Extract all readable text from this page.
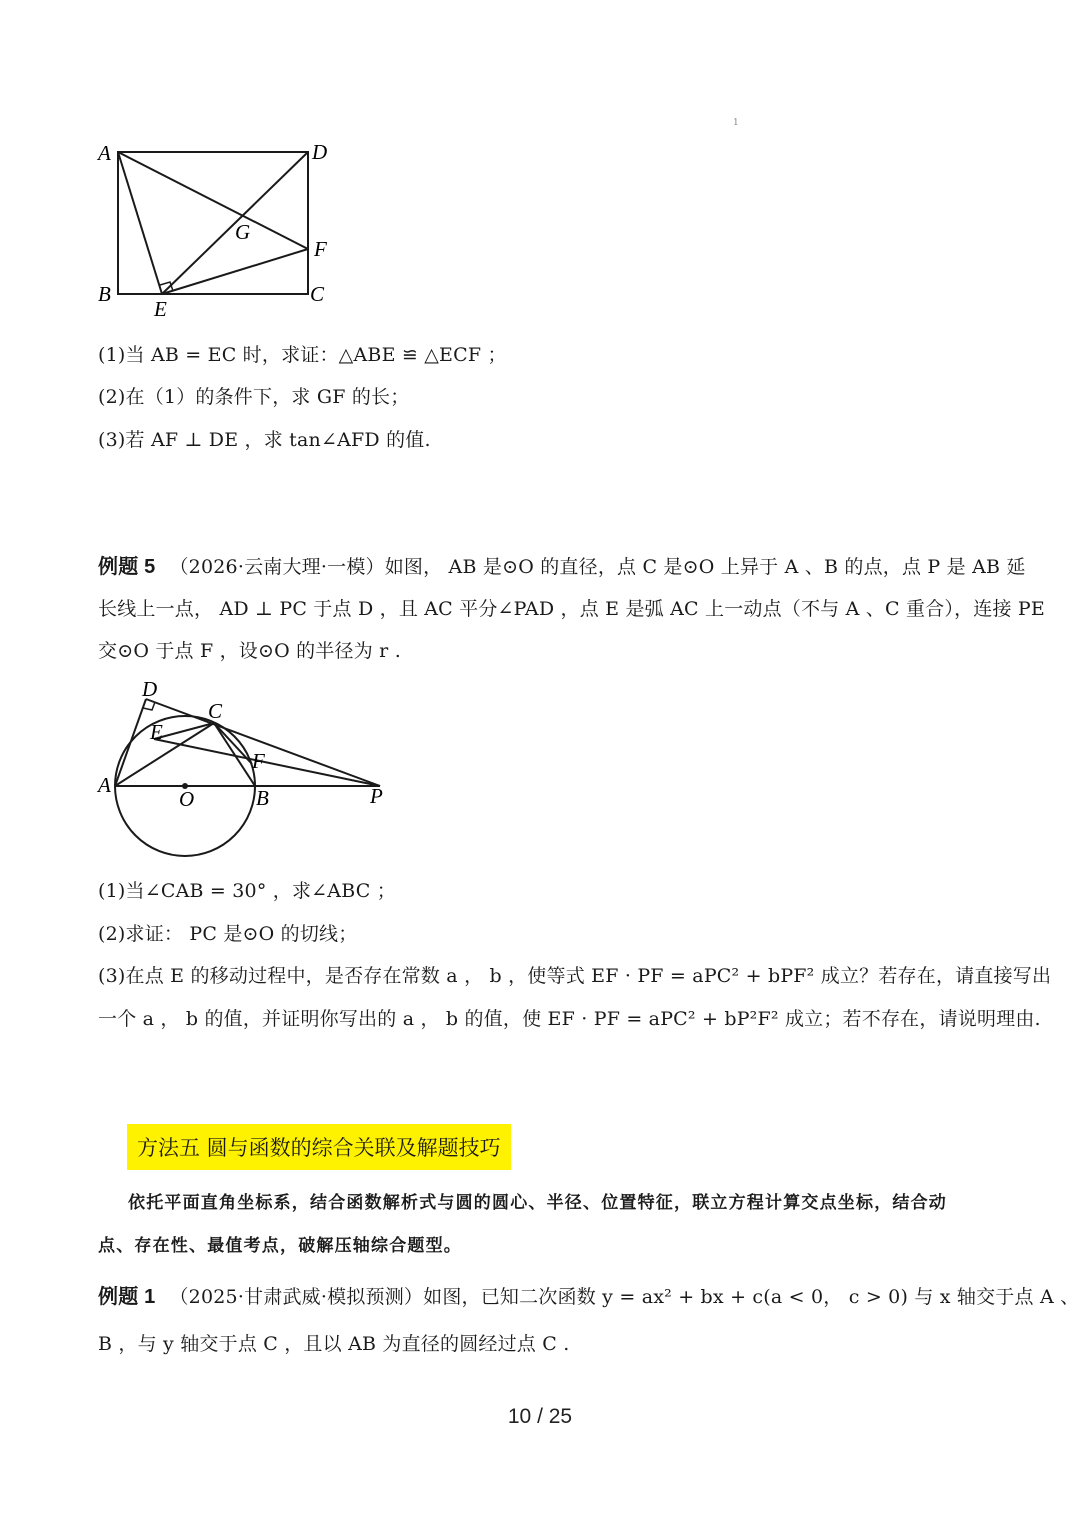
1
A	D
G
F
B
E
C
(1)当 AB = EC 时，求证：△ABE ≌ △ECF ；
(2)在（1）的条件下，求 GF 的长；
(3)若 AF ⊥ DE ，求 tan∠AFD 的值.
例题 5 （2026·云南大理·一模）如图， AB 是⊙O 的直径，点 C 是⊙O 上异于 A 、B 的点，点 P 是 AB 延
长线上一点， AD ⊥ PC 于点 D ，且 AC 平分∠PAD ，点 E 是弧 AC 上一动点（不与 A 、C 重合），连接 PE
交⊙O 于点 F ，设⊙O 的半径为 r .
D
C
E
F
A
O	B	P
(1)当∠CAB = 30° ，求∠ABC ；
(2)求证： PC 是⊙O 的切线；
(3)在点 E 的移动过程中，是否存在常数 a ， b ，使等式 EF · PF = aPC² + bPF² 成立？若存在，请直接写出
一个 a ， b 的值，并证明你写出的 a ， b 的值，使 EF · PF = aPC² + bP²F² 成立；若不存在，请说明理由.
方法五 圆与函数的综合关联及解题技巧
依托平面直角坐标系，结合函数解析式与圆的圆心、半径、位置特征，联立方程计算交点坐标，结合动
点、存在性、最值考点，破解压轴综合题型。
例题 1 （2025·甘肃武威·模拟预测）如图，已知二次函数 y = ax² + bx + c(a < 0， c > 0) 与 x 轴交于点 A 、
B ，与 y 轴交于点 C ，且以 AB 为直径的圆经过点 C .
10 / 25
